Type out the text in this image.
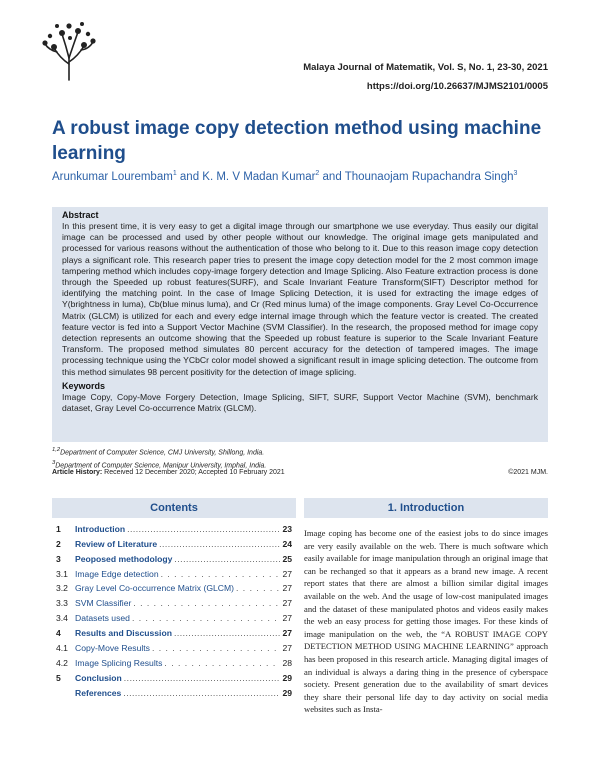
Malaya Journal of Matematik, Vol. S, No. 1, 23-30, 2021
https://doi.org/10.26637/MJMS2101/0005
A robust image copy detection method using machine learning
Arunkumar Lourembam$^1$ and K. M. V Madan Kumar$^2$ and Thounaojam Rupachandra Singh$^3$
Abstract

In this present time, it is very easy to get a digital image through our smartphone we use everyday. Thus easily our digital image can be processed and used by other people without our knowledge. The original image gets manipulated and processed for various reasons without the authentication of those who belong to it. Due to this reason image copy detection plays a significant role. This research paper tries to present the image copy detection model for the 2 most common image tampering method which includes copy-image forgery detection and Image Splicing. Also Feature extraction process is done through the Speeded up robust features(SURF), and Scale Invariant Feature Transform(SIFT) Descriptor method for identifying the matching point. In the case of Image Splicing Detection, it is used for extracting the image edges of Y(brightness in luma), Cb(blue minus luma), and Cr (Red minus luma) of the image components. Gray Level Co-Occurrence Matrix (GLCM) is utilized for each and every edge internal image through which the feature vector is created. The created feature vector is fed into a Support Vector Machine (SVM Classifier). In the research, the proposed method for image copy detection represents an outcome showing that the Speeded up robust feature is superior to the Scale Invariant Feature Transform. The proposed method simulates 80 percent accuracy for the detection of tampered images. The image processing technique using the YCbCr color model showed a significant result in image splicing detection. The outcome from this method simulates 98 percent positivity for the detection of image splicing.

Keywords

Image Copy, Copy-Move Forgery Detection, Image Splicing, SIFT, SURF, Support Vector Machine (SVM), benchmark dataset, Gray Level Co-occurrence Matrix (GLCM).

$^{1,2}$Department of Computer Science, CMJ University, Shillong, India.
$^3$Department of Computer Science, Manipur University, Imphal, India.
Article History: Received 12 December 2020; Accepted 10 February 2021	©2021 MJM.
Contents	1. Introduction
1	Introduction .....	23
2	Review of Literature .....	24
3	Peoposed methodology .....	25
3.1 Image Edge detection . . .	27
3.2 Gray Level Co-occurrence Matrix (GLCM) . . .	27
3.3 SVM Classifier . . .	27
3.4 Datasets used . . .	27
4	Results and Discussion .....	27
4.1 Copy-Move Results . . .	27
4.2 Image Splicing Results . . .	28
5	Conclusion .....	29
References .....	29

Image coping has become one of the easiest jobs to do since images are very easily available on the web. There is much software which easily available for image manipulation through an original image that can be rechanged so that it appears as a brand new image. A recent report states that there are almost a billion similar digital images available on the web. And the usage of low-cost manipulated images and the dataset of these manipulated photos and videos easily makes the web an easy process for getting those images. For these kinds of image manipulation on the web, the “A ROBUST IMAGE COPY DETECTION METHOD USING MACHINE LEARNING” approach has been proposed in this research article. Managing digital images of an individual is always a daring thing in the presence of cyberspace society. Present generation due to the availability of smart devices they share their personal life day to day activity on social media websites such as Insta-
